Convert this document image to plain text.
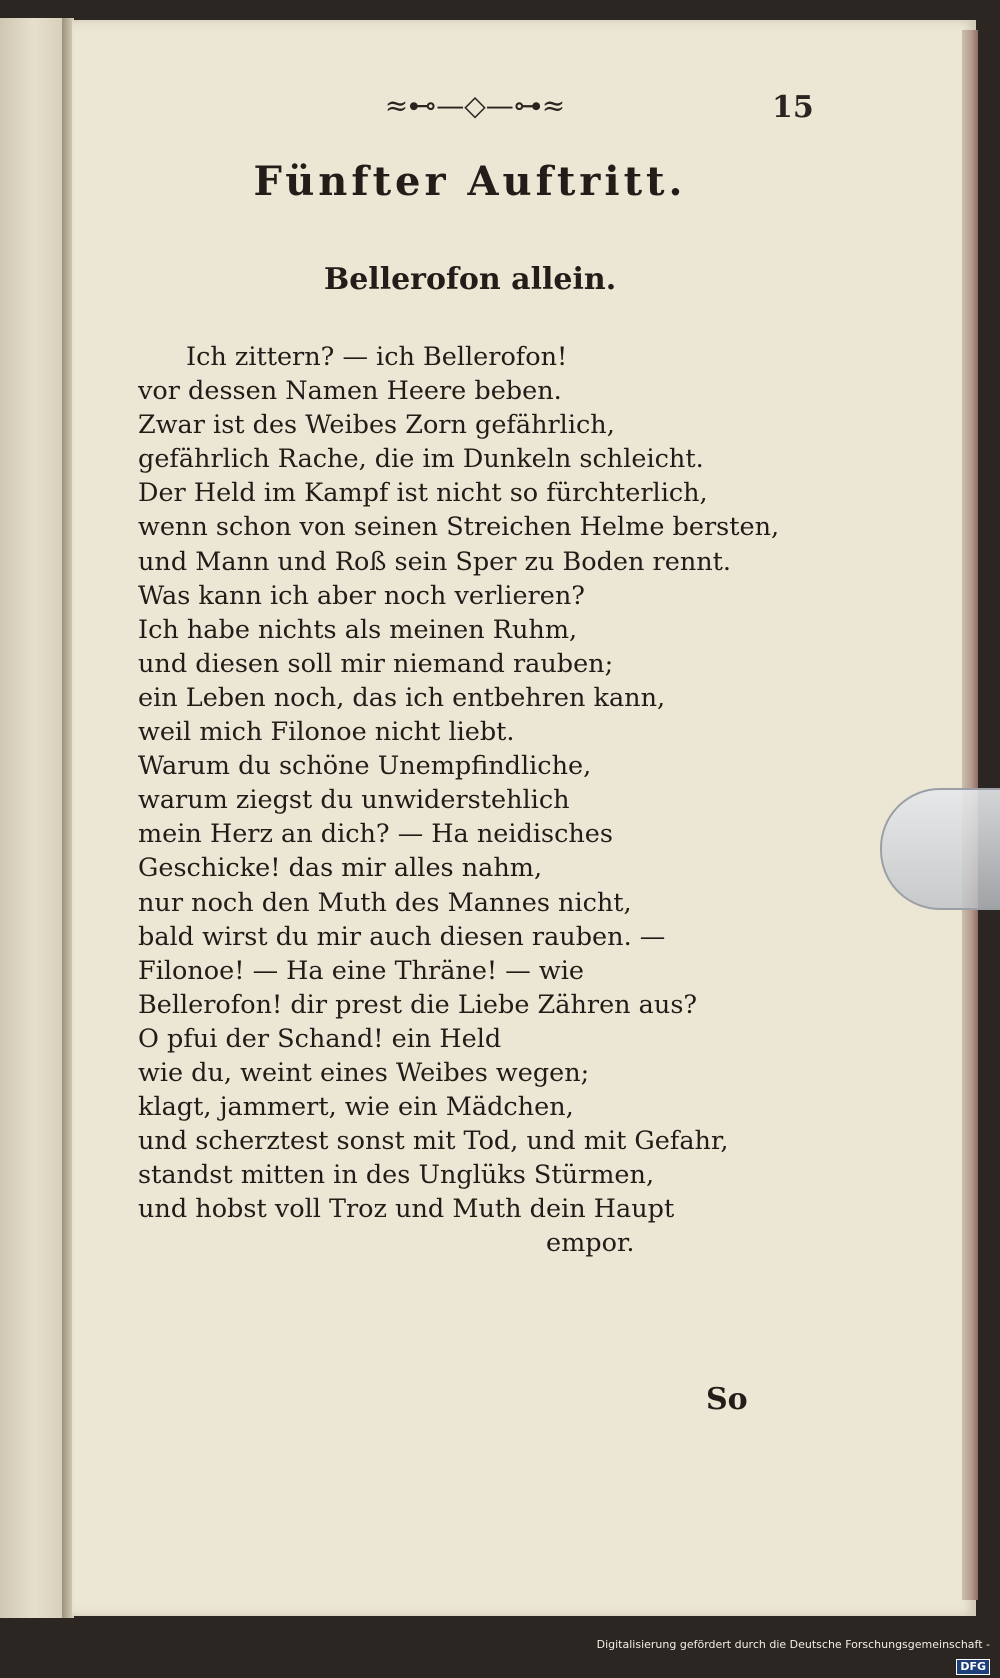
≈⊷—◇—⊶≈	15
Fünfter Auftritt.
Bellerofon allein.
Ich zittern? — ich Bellerofon!
vor dessen Namen Heere beben.
Zwar ist des Weibes Zorn gefährlich,
gefährlich Rache, die im Dunkeln schleicht.
Der Held im Kampf ist nicht so fürchterlich,
wenn schon von seinen Streichen Helme bersten,
und Mann und Roß sein Sper zu Boden rennt.
Was kann ich aber noch verlieren?
Ich habe nichts als meinen Ruhm,
und diesen soll mir niemand rauben;
ein Leben noch, das ich entbehren kann,
weil mich Filonoe nicht liebt.
Warum du schöne Unempfindliche,
warum ziegst du unwiderstehlich
mein Herz an dich? — Ha neidisches
Geschicke! das mir alles nahm,
nur noch den Muth des Mannes nicht,
bald wirst du mir auch diesen rauben. —
Filonoe! — Ha eine Thräne! — wie
Bellerofon! dir prest die Liebe Zähren aus?
O pfui der Schand! ein Held
wie du, weint eines Weibes wegen;
klagt, jammert, wie ein Mädchen,
und scherztest sonst mit Tod, und mit Gefahr,
standst mitten in des Unglüks Stürmen,
und hobst voll Troz und Muth dein Haupt
empor.
So
Digitalisierung gefördert durch die Deutsche Forschungsgemeinschaft -DFG
